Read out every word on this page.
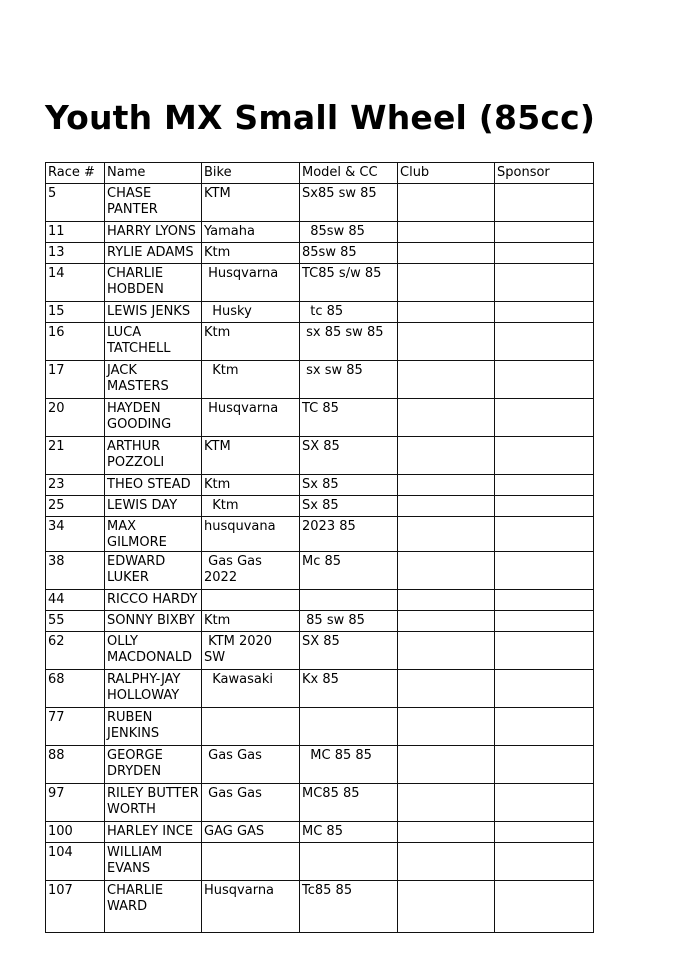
Youth MX Small Wheel (85cc)
Race #	Name	Bike	Model & CC	Club	Sponsor
5	CHASE PANTER	KTM	Sx85 sw 85		
11	HARRY LYONS	Yamaha	85sw 85		
13	RYLIE ADAMS	Ktm	85sw 85		
14	CHARLIE HOBDEN	Husqvarna	TC85 s/w 85		
15	LEWIS JENKS	Husky	tc 85		
16	LUCA TATCHELL	Ktm	sx 85 sw 85		
17	JACK MASTERS	Ktm	sx sw 85		
20	HAYDEN GOODING	Husqvarna	TC 85		
21	ARTHUR POZZOLI	KTM	SX 85		
23	THEO STEAD	Ktm	Sx 85		
25	LEWIS DAY	Ktm	Sx 85		
34	MAX GILMORE	husquvana	2023 85		
38	EDWARD LUKER	Gas Gas 2022	Mc 85		
44	RICCO HARDY				
55	SONNY BIXBY	Ktm	85 sw 85		
62	OLLY MACDONALD	KTM 2020 SW	SX 85		
68	RALPHY-JAY HOLLOWAY	Kawasaki	Kx 85		
77	RUBEN JENKINS				
88	GEORGE DRYDEN	Gas Gas	MC 85 85		
97	RILEY BUTTER WORTH	Gas Gas	MC85 85		
100	HARLEY INCE	GAG GAS	MC 85		
104	WILLIAM EVANS				
107	CHARLIE WARD	Husqvarna	Tc85 85		
